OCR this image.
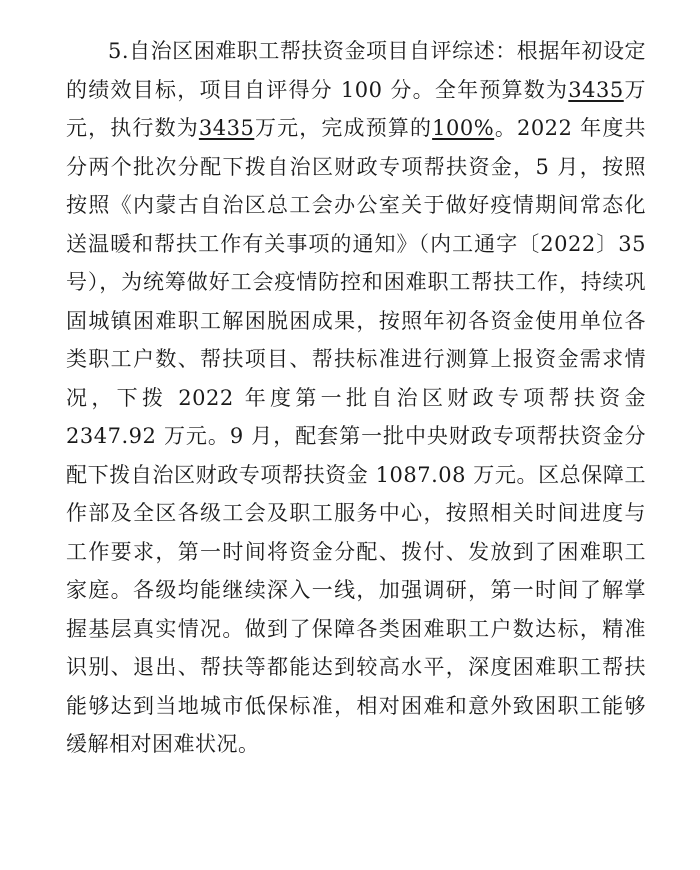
5.自治区困难职工帮扶资金项目自评综述：根据年初设定的绩效目标，项目自评得分 100 分。全年预算数为3435万元，执行数为3435万元，完成预算的100%。2022 年度共分两个批次分配下拨自治区财政专项帮扶资金，5 月，按照按照《内蒙古自治区总工会办公室关于做好疫情期间常态化送温暖和帮扶工作有关事项的通知》（内工通字〔2022〕35 号），为统筹做好工会疫情防控和困难职工帮扶工作，持续巩固城镇困难职工解困脱困成果，按照年初各资金使用单位各类职工户数、帮扶项目、帮扶标准进行测算上报资金需求情况，下拨 2022 年度第一批自治区财政专项帮扶资金 2347.92 万元。9 月，配套第一批中央财政专项帮扶资金分配下拨自治区财政专项帮扶资金 1087.08 万元。区总保障工作部及全区各级工会及职工服务中心，按照相关时间进度与工作要求，第一时间将资金分配、拨付、发放到了困难职工家庭。各级均能继续深入一线，加强调研，第一时间了解掌握基层真实情况。做到了保障各类困难职工户数达标，精准识别、退出、帮扶等都能达到较高水平，深度困难职工帮扶能够达到当地城市低保标准，相对困难和意外致困职工能够缓解相对困难状况。
